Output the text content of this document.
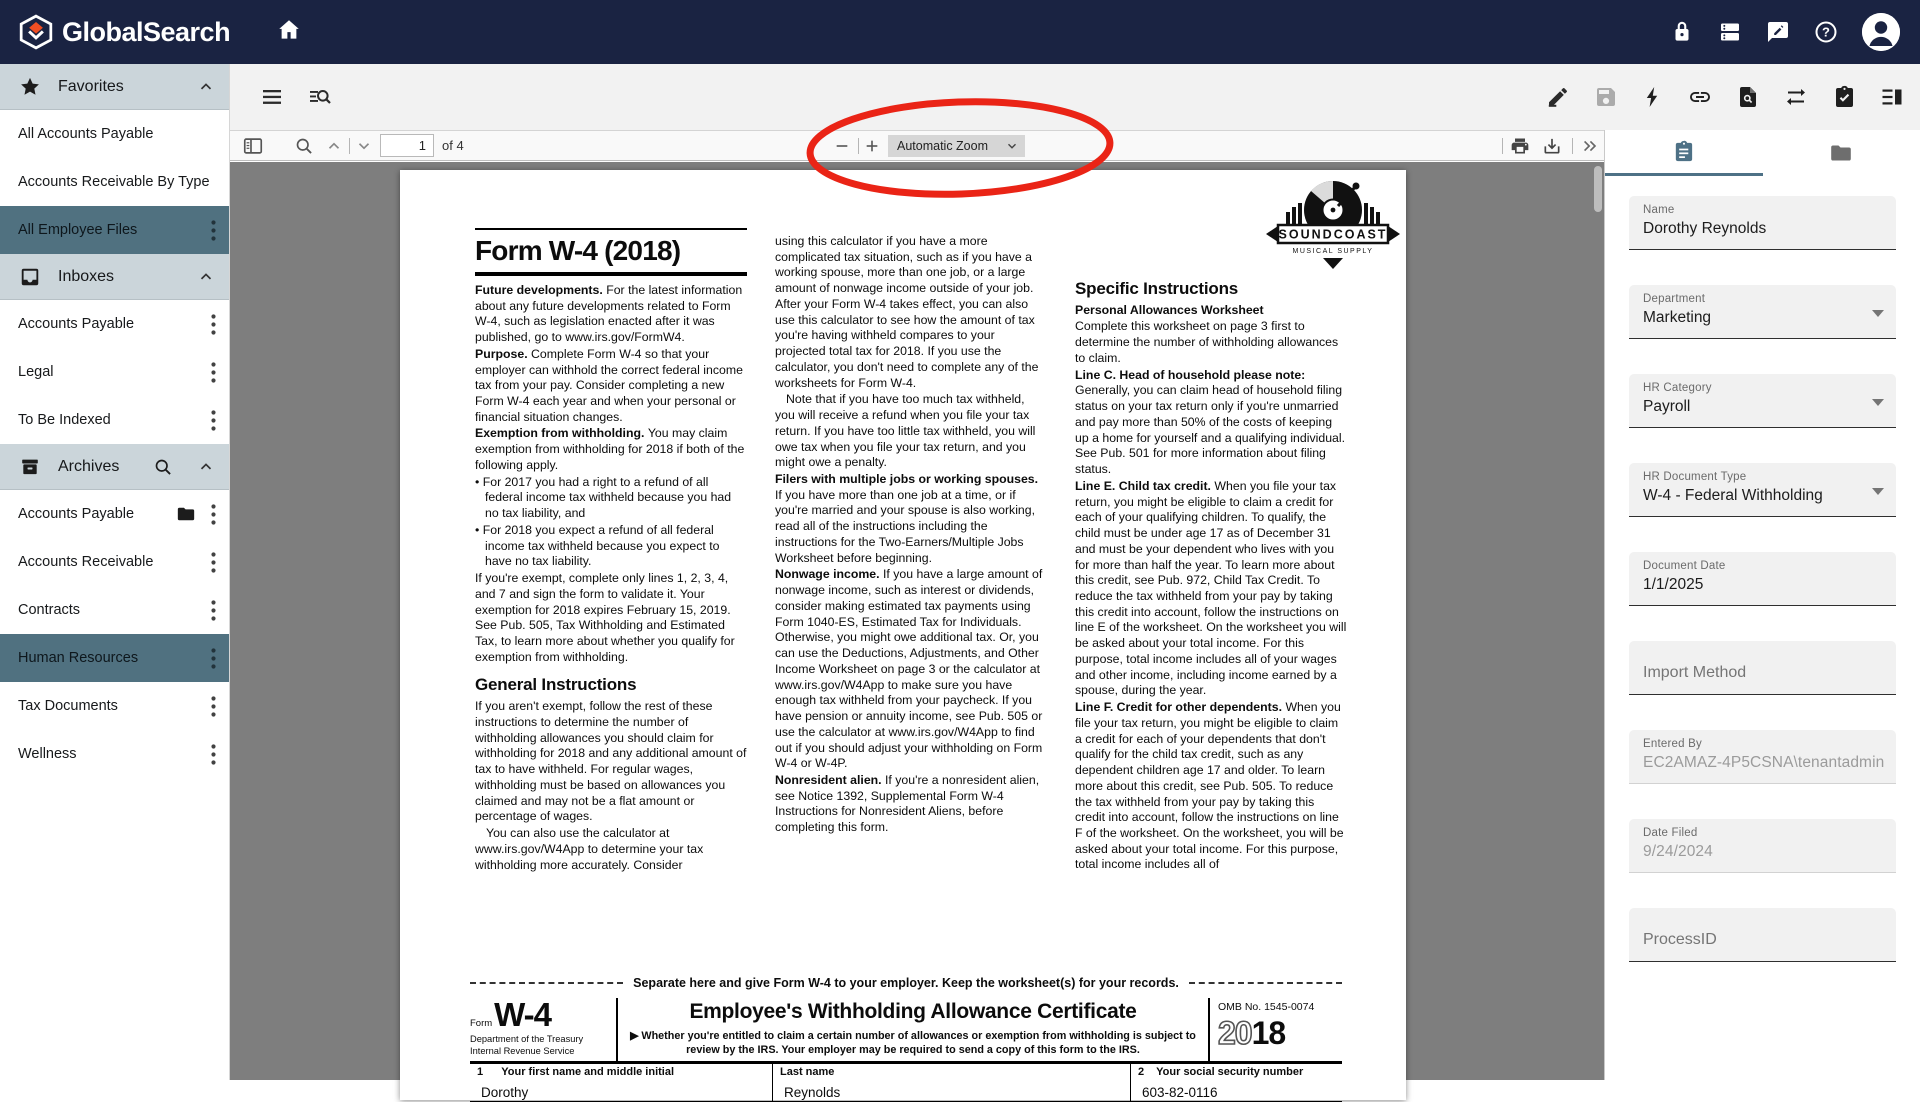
GlobalSearch	?
Favorites
All Accounts Payable
Accounts Receivable By Type
All Employee Files
Inboxes
Accounts Payable
Legal
To Be Indexed
Archives
Accounts Payable
Accounts Receivable
Contracts
Human Resources
Tax Documents
Wellness
1
of 4	Automatic Zoom
SOUNDCOAST
MUSICAL SUPPLY
Form W-4 (2018)

Future developments. For the latest information about any future developments related to Form W-4, such as legislation enacted after it was published, go to www.irs.gov/FormW4.

Purpose. Complete Form W-4 so that your employer can withhold the correct federal income tax from your pay. Consider completing a new Form W-4 each year and when your personal or financial situation changes.

Exemption from withholding. You may claim exemption from withholding for 2018 if both of the following apply.

• For 2017 you had a right to a refund of all federal income tax withheld because you had no tax liability, and

• For 2018 you expect a refund of all federal income tax withheld because you expect to have no tax liability.

If you're exempt, complete only lines 1, 2, 3, 4, and 7 and sign the form to validate it. Your exemption for 2018 expires February 15, 2019. See Pub. 505, Tax Withholding and Estimated Tax, to learn more about whether you qualify for exemption from withholding.

General Instructions

If you aren't exempt, follow the rest of these instructions to determine the number of withholding allowances you should claim for withholding for 2018 and any additional amount of tax to have withheld. For regular wages, withholding must be based on allowances you claimed and may not be a flat amount or percentage of wages.

You can also use the calculator at www.irs.gov/W4App to determine your tax withholding more accurately. Consider

using this calculator if you have a more complicated tax situation, such as if you have a working spouse, more than one job, or a large amount of nonwage income outside of your job. After your Form W-4 takes effect, you can also use this calculator to see how the amount of tax you're having withheld compares to your projected total tax for 2018. If you use the calculator, you don't need to complete any of the worksheets for Form W-4.

Note that if you have too much tax withheld, you will receive a refund when you file your tax return. If you have too little tax withheld, you will owe tax when you file your tax return, and you might owe a penalty.

Filers with multiple jobs or working spouses. If you have more than one job at a time, or if you're married and your spouse is also working, read all of the instructions including the instructions for the Two-Earners/Multiple Jobs Worksheet before beginning.

Nonwage income. If you have a large amount of nonwage income, such as interest or dividends, consider making estimated tax payments using Form 1040-ES, Estimated Tax for Individuals. Otherwise, you might owe additional tax. Or, you can use the Deductions, Adjustments, and Other Income Worksheet on page 3 or the calculator at www.irs.gov/W4App to make sure you have enough tax withheld from your paycheck. If you have pension or annuity income, see Pub. 505 or use the calculator at www.irs.gov/W4App to find out if you should adjust your withholding on Form W-4 or W-4P.

Nonresident alien. If you're a nonresident alien, see Notice 1392, Supplemental Form W-4 Instructions for Nonresident Aliens, before completing this form.

Specific Instructions

Personal Allowances Worksheet

Complete this worksheet on page 3 first to determine the number of withholding allowances to claim.

Line C. Head of household please note: Generally, you can claim head of household filing status on your tax return only if you're unmarried and pay more than 50% of the costs of keeping up a home for yourself and a qualifying individual. See Pub. 501 for more information about filing status.

Line E. Child tax credit. When you file your tax return, you might be eligible to claim a credit for each of your qualifying children. To qualify, the child must be under age 17 as of December 31 and must be your dependent who lives with you for more than half the year. To learn more about this credit, see Pub. 972, Child Tax Credit. To reduce the tax withheld from your pay by taking this credit into account, follow the instructions on line E of the worksheet. On the worksheet you will be asked about your total income. For this purpose, total income includes all of your wages and other income, including income earned by a spouse, during the year.

Line F. Credit for other dependents. When you file your tax return, you might be eligible to claim a credit for each of your dependents that don't qualify for the child tax credit, such as any dependent children age 17 and older. To learn more about this credit, see Pub. 505. To reduce the tax withheld from your pay by taking this credit into account, follow the instructions on line F of the worksheet. On the worksheet, you will be asked about your total income. For this purpose, total income includes all of

Separate here and give Form W-4 to your employer. Keep the worksheet(s) for your records.
FormW-4
Department of the Treasury
Internal Revenue Service
Employee's Withholding Allowance Certificate
▶ Whether you're entitled to claim a certain number of allowances or exemption from withholding is subject to review by the IRS. Your employer may be required to send a copy of this form to the IRS.
OMB No. 1545-0074
2018
1      Your first name and middle initial
Dorothy
Last name
Reynolds
2    Your social security number
603-82-0116
Name
Dorothy Reynolds
Department
Marketing
HR Category
Payroll
HR Document Type
W-4 - Federal Withholding
Document Date
1/1/2025
Import Method
Entered By
EC2AMAZ-4P5CSNA\tenantadmin
Date Filed
9/24/2024
ProcessID
